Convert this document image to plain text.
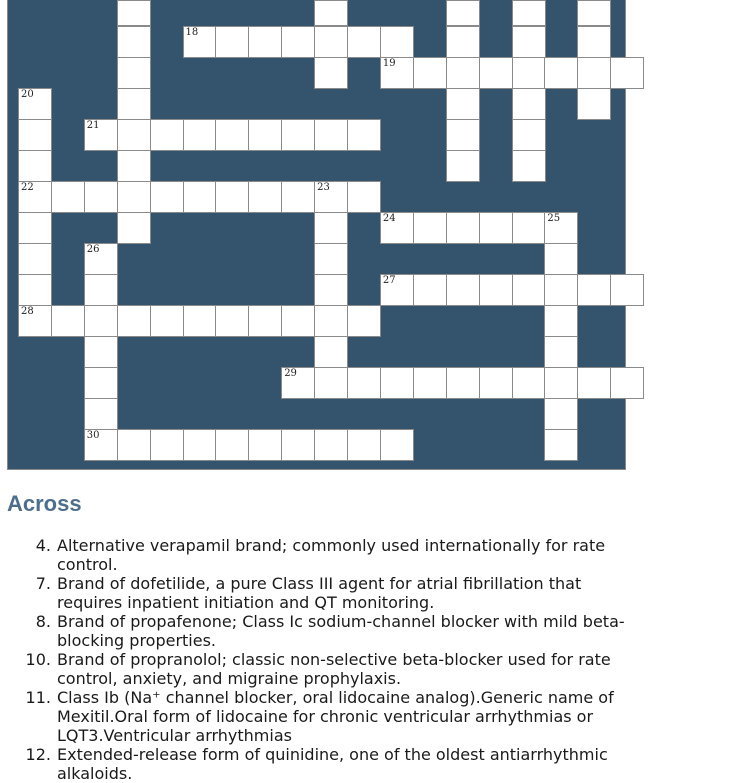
18
19
21
22	23
24	25
27
28
29
30
20
26
Across
4. Alternative verapamil brand; commonly used internationally for rate control.
7. Brand of dofetilide, a pure Class III agent for atrial fibrillation that requires inpatient initiation and QT monitoring.
8. Brand of propafenone; Class Ic sodium-channel blocker with mild beta-blocking properties.
10. Brand of propranolol; classic non-selective beta-blocker used for rate control, anxiety, and migraine prophylaxis.
11. Class Ib (Na⁺ channel blocker, oral lidocaine analog).Generic name of Mexitil.Oral form of lidocaine for chronic ventricular arrhythmias or LQT3.Ventricular arrhythmias
12. Extended-release form of quinidine, one of the oldest antiarrhythmic alkaloids.
